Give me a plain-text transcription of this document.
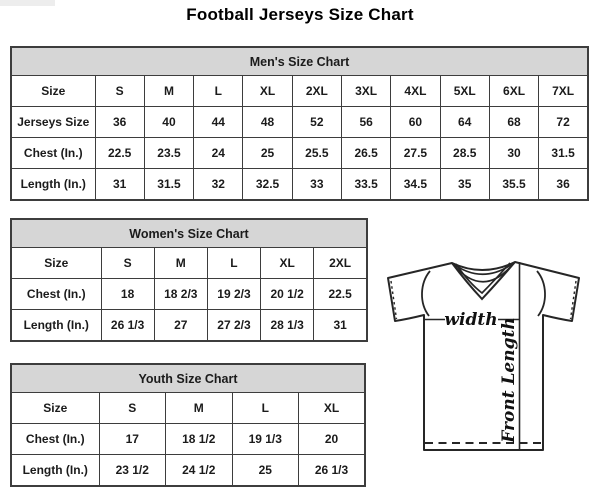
Football Jerseys Size Chart
Men's Size Chart										
Size	S	M	L	XL	2XL	3XL	4XL	5XL	6XL	7XL
Jerseys Size	36	40	44	48	52	56	60	64	68	72
Chest (In.)	22.5	23.5	24	25	25.5	26.5	27.5	28.5	30	31.5
Length (In.)	31	31.5	32	32.5	33	33.5	34.5	35	35.5	36
Women's Size Chart					
Size	S	M	L	XL	2XL
Chest (In.)	18	18 2/3	19 2/3	20 1/2	22.5
Length (In.)	26 1/3	27	27 2/3	28 1/3	31
Youth Size Chart				
Size	S	M	L	XL
Chest (In.)	17	18 1/2	19 1/3	20
Length (In.)	23 1/2	24 1/2	25	26 1/3
width Front Length
